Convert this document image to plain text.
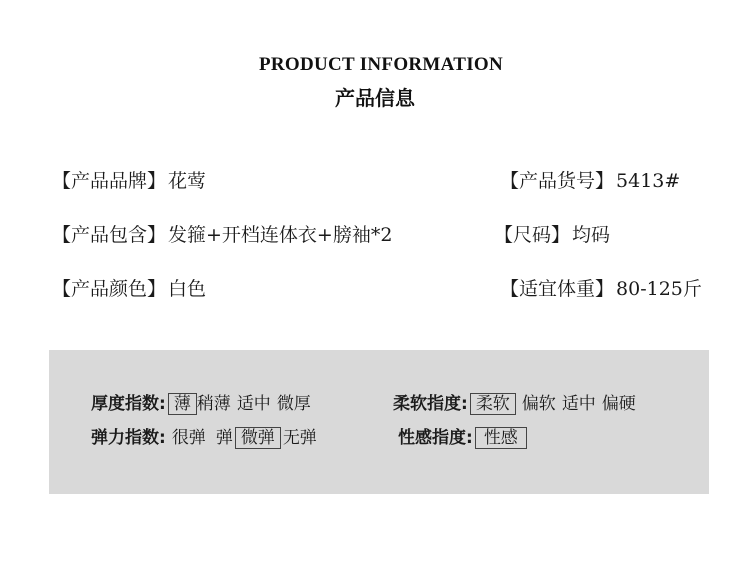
PRODUCT INFORMATION
产品信息
【产品品牌】 花莺	【产品货号】 5413#
【产品包含】 发箍+开档连体衣+膀袖*2	【尺码】 均码
【产品颜色】 白色	【适宜体重】 80-125斤
厚度指数: 薄 稍薄 适中 微厚	柔软指度: 柔软 偏软 适中 偏硬
弹力指数: 很弹 弹 微弹 无弹	性感指度: 性感
